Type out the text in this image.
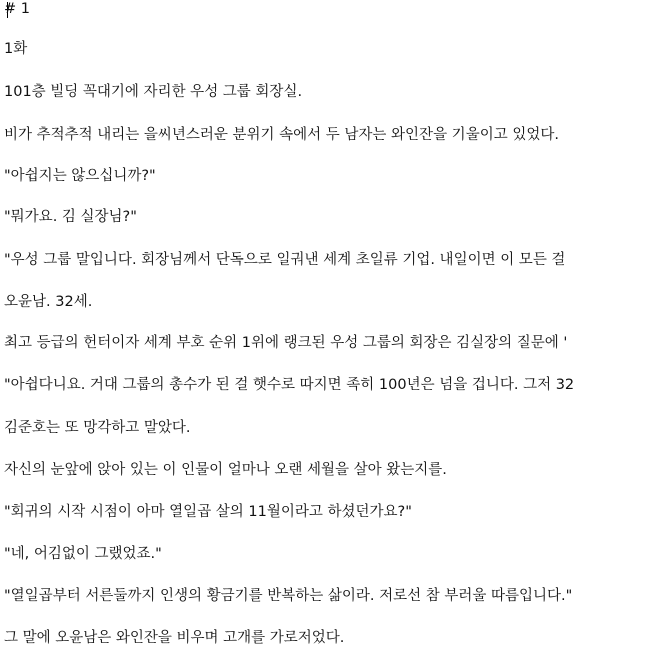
# 1
1화
101층 빌딩 꼭대기에 자리한 우성 그룹 회장실.
비가 추적추적 내리는 을씨년스러운 분위기 속에서 두 남자는 와인잔을 기울이고 있었다.
"아쉽지는 않으십니까?"
"뭐가요. 김 실장님?"
"우성 그룹 말입니다. 회장님께서 단독으로 일궈낸 세계 초일류 기업. 내일이면 이 모든 걸
오윤남. 32세.
최고 등급의 헌터이자 세계 부호 순위 1위에 랭크된 우성 그룹의 회장은 김실장의 질문에 '
"아쉽다니요. 거대 그룹의 총수가 된 걸 햇수로 따지면 족히 100년은 넘을 겁니다. 그저 32
김준호는 또 망각하고 말았다.
자신의 눈앞에 앉아 있는 이 인물이 얼마나 오랜 세월을 살아 왔는지를.
"회귀의 시작 시점이 아마 열일곱 살의 11월이라고 하셨던가요?"
"네, 어김없이 그랬었죠."
"열일곱부터 서른둘까지 인생의 황금기를 반복하는 삶이라. 저로선 참 부러울 따름입니다."
그 말에 오윤남은 와인잔을 비우며 고개를 가로저었다.
